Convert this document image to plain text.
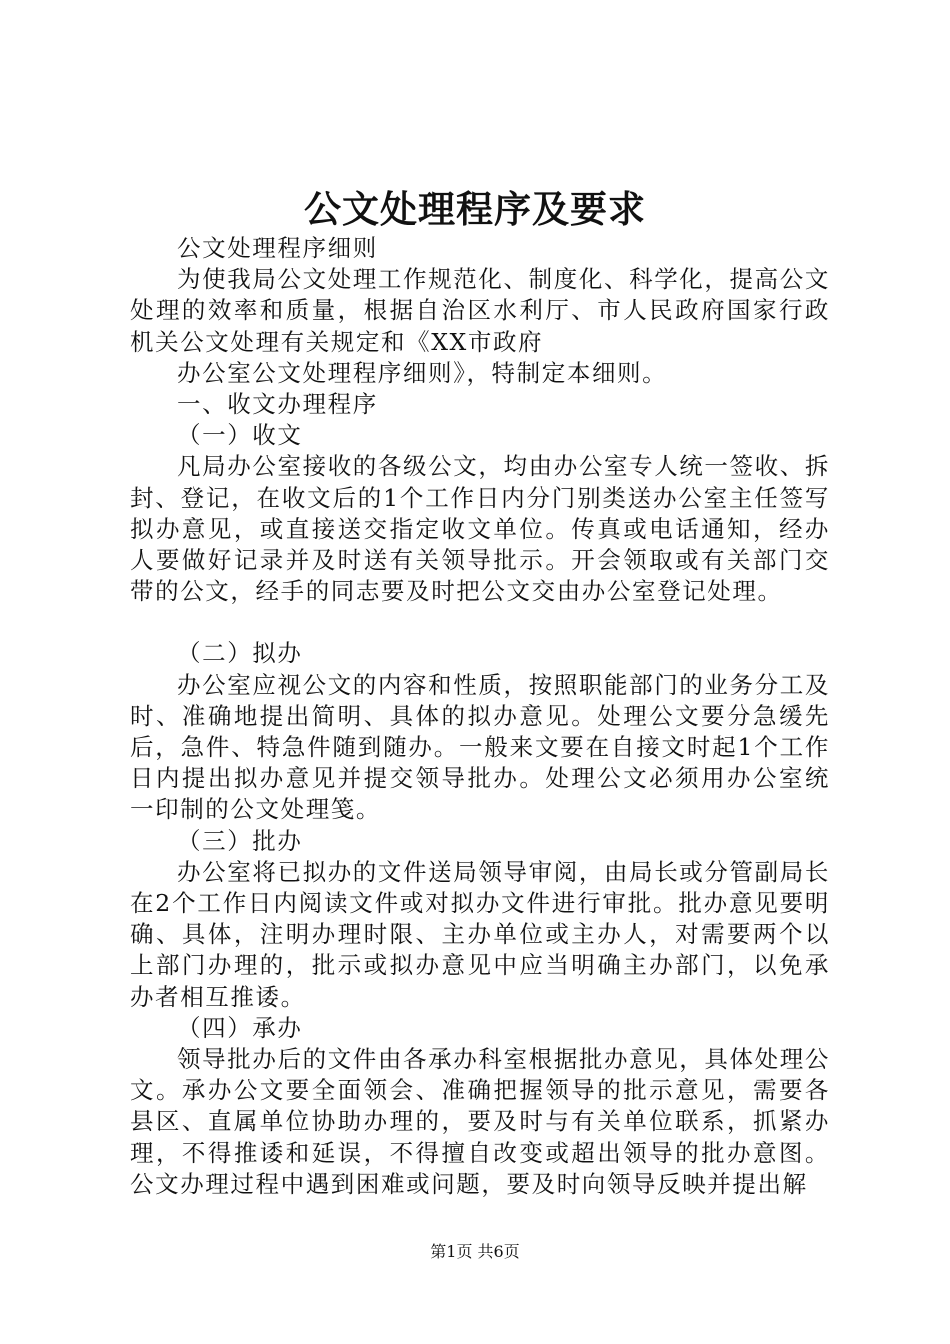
公文处理程序及要求

公文处理程序细则

为使我局公文处理工作规范化、制度化、科学化，提高公文处理的效率和质量，根据自治区水利厅、市人民政府国家行政机关公文处理有关规定和《XX市政府

办公室公文处理程序细则》，特制定本细则。

一、收文办理程序

（一）收文

凡局办公室接收的各级公文，均由办公室专人统一签收、拆封、登记，在收文后的1个工作日内分门别类送办公室主任签写拟办意见，或直接送交指定收文单位。传真或电话通知，经办人要做好记录并及时送有关领导批示。开会领取或有关部门交带的公文，经手的同志要及时把公文交由办公室登记处理。

（二）拟办

办公室应视公文的内容和性质，按照职能部门的业务分工及时、准确地提出简明、具体的拟办意见。处理公文要分急缓先后，急件、特急件随到随办。一般来文要在自接文时起1个工作日内提出拟办意见并提交领导批办。处理公文必须用办公室统一印制的公文处理笺。

（三）批办

办公室将已拟办的文件送局领导审阅，由局长或分管副局长在2个工作日内阅读文件或对拟办文件进行审批。批办意见要明确、具体，注明办理时限、主办单位或主办人，对需要两个以上部门办理的，批示或拟办意见中应当明确主办部门，以免承办者相互推诿。

（四）承办

领导批办后的文件由各承办科室根据批办意见，具体处理公文。承办公文要全面领会、准确把握领导的批示意见，需要各县区、直属单位协助办理的，要及时与有关单位联系，抓紧办理，不得推诿和延误，不得擅自改变或超出领导的批办意图。公文办理过程中遇到困难或问题，要及时向领导反映并提出解

第1页 共6页
